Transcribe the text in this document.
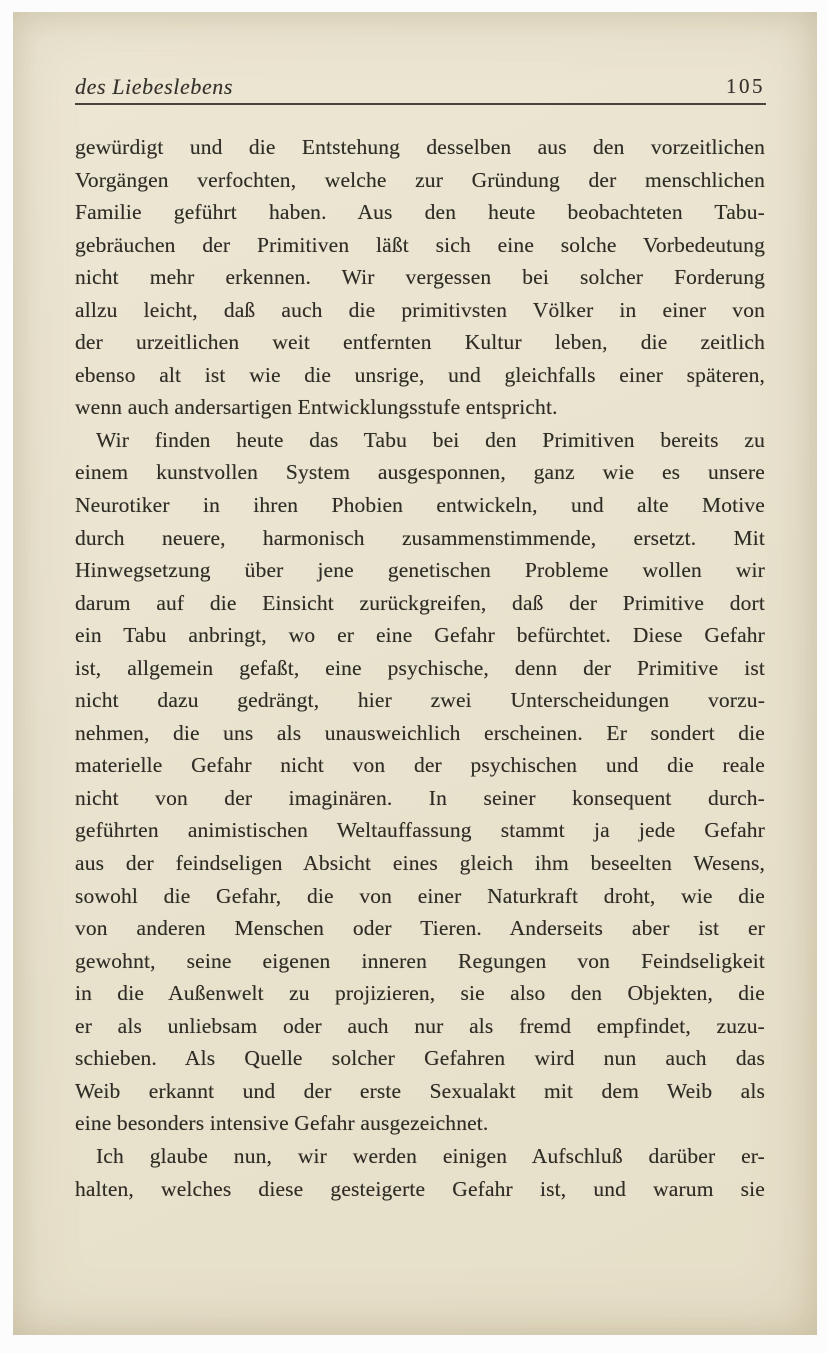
des Liebeslebens	105
gewürdigt und die Entstehung desselben aus den vorzeitlichen
Vorgängen verfochten, welche zur Gründung der menschlichen
Familie geführt haben. Aus den heute beobachteten Tabu-
gebräuchen der Primitiven läßt sich eine solche Vorbedeutung
nicht mehr erkennen. Wir vergessen bei solcher Forderung
allzu leicht, daß auch die primitivsten Völker in einer von
der urzeitlichen weit entfernten Kultur leben, die zeitlich
ebenso alt ist wie die unsrige, und gleichfalls einer späteren,
wenn auch andersartigen Entwicklungsstufe entspricht.
Wir finden heute das Tabu bei den Primitiven bereits zu
einem kunstvollen System ausgesponnen, ganz wie es unsere
Neurotiker in ihren Phobien entwickeln, und alte Motive
durch neuere, harmonisch zusammenstimmende, ersetzt. Mit
Hinwegsetzung über jene genetischen Probleme wollen wir
darum auf die Einsicht zurückgreifen, daß der Primitive dort
ein Tabu anbringt, wo er eine Gefahr befürchtet. Diese Gefahr
ist, allgemein gefaßt, eine psychische, denn der Primitive ist
nicht dazu gedrängt, hier zwei Unterscheidungen vorzu-
nehmen, die uns als unausweichlich erscheinen. Er sondert die
materielle Gefahr nicht von der psychischen und die reale
nicht von der imaginären. In seiner konsequent durch-
geführten animistischen Weltauffassung stammt ja jede Gefahr
aus der feindseligen Absicht eines gleich ihm beseelten Wesens,
sowohl die Gefahr, die von einer Naturkraft droht, wie die
von anderen Menschen oder Tieren. Anderseits aber ist er
gewohnt, seine eigenen inneren Regungen von Feindseligkeit
in die Außenwelt zu projizieren, sie also den Objekten, die
er als unliebsam oder auch nur als fremd empfindet, zuzu-
schieben. Als Quelle solcher Gefahren wird nun auch das
Weib erkannt und der erste Sexualakt mit dem Weib als
eine besonders intensive Gefahr ausgezeichnet.
Ich glaube nun, wir werden einigen Aufschluß darüber er-
halten, welches diese gesteigerte Gefahr ist, und warum sie
